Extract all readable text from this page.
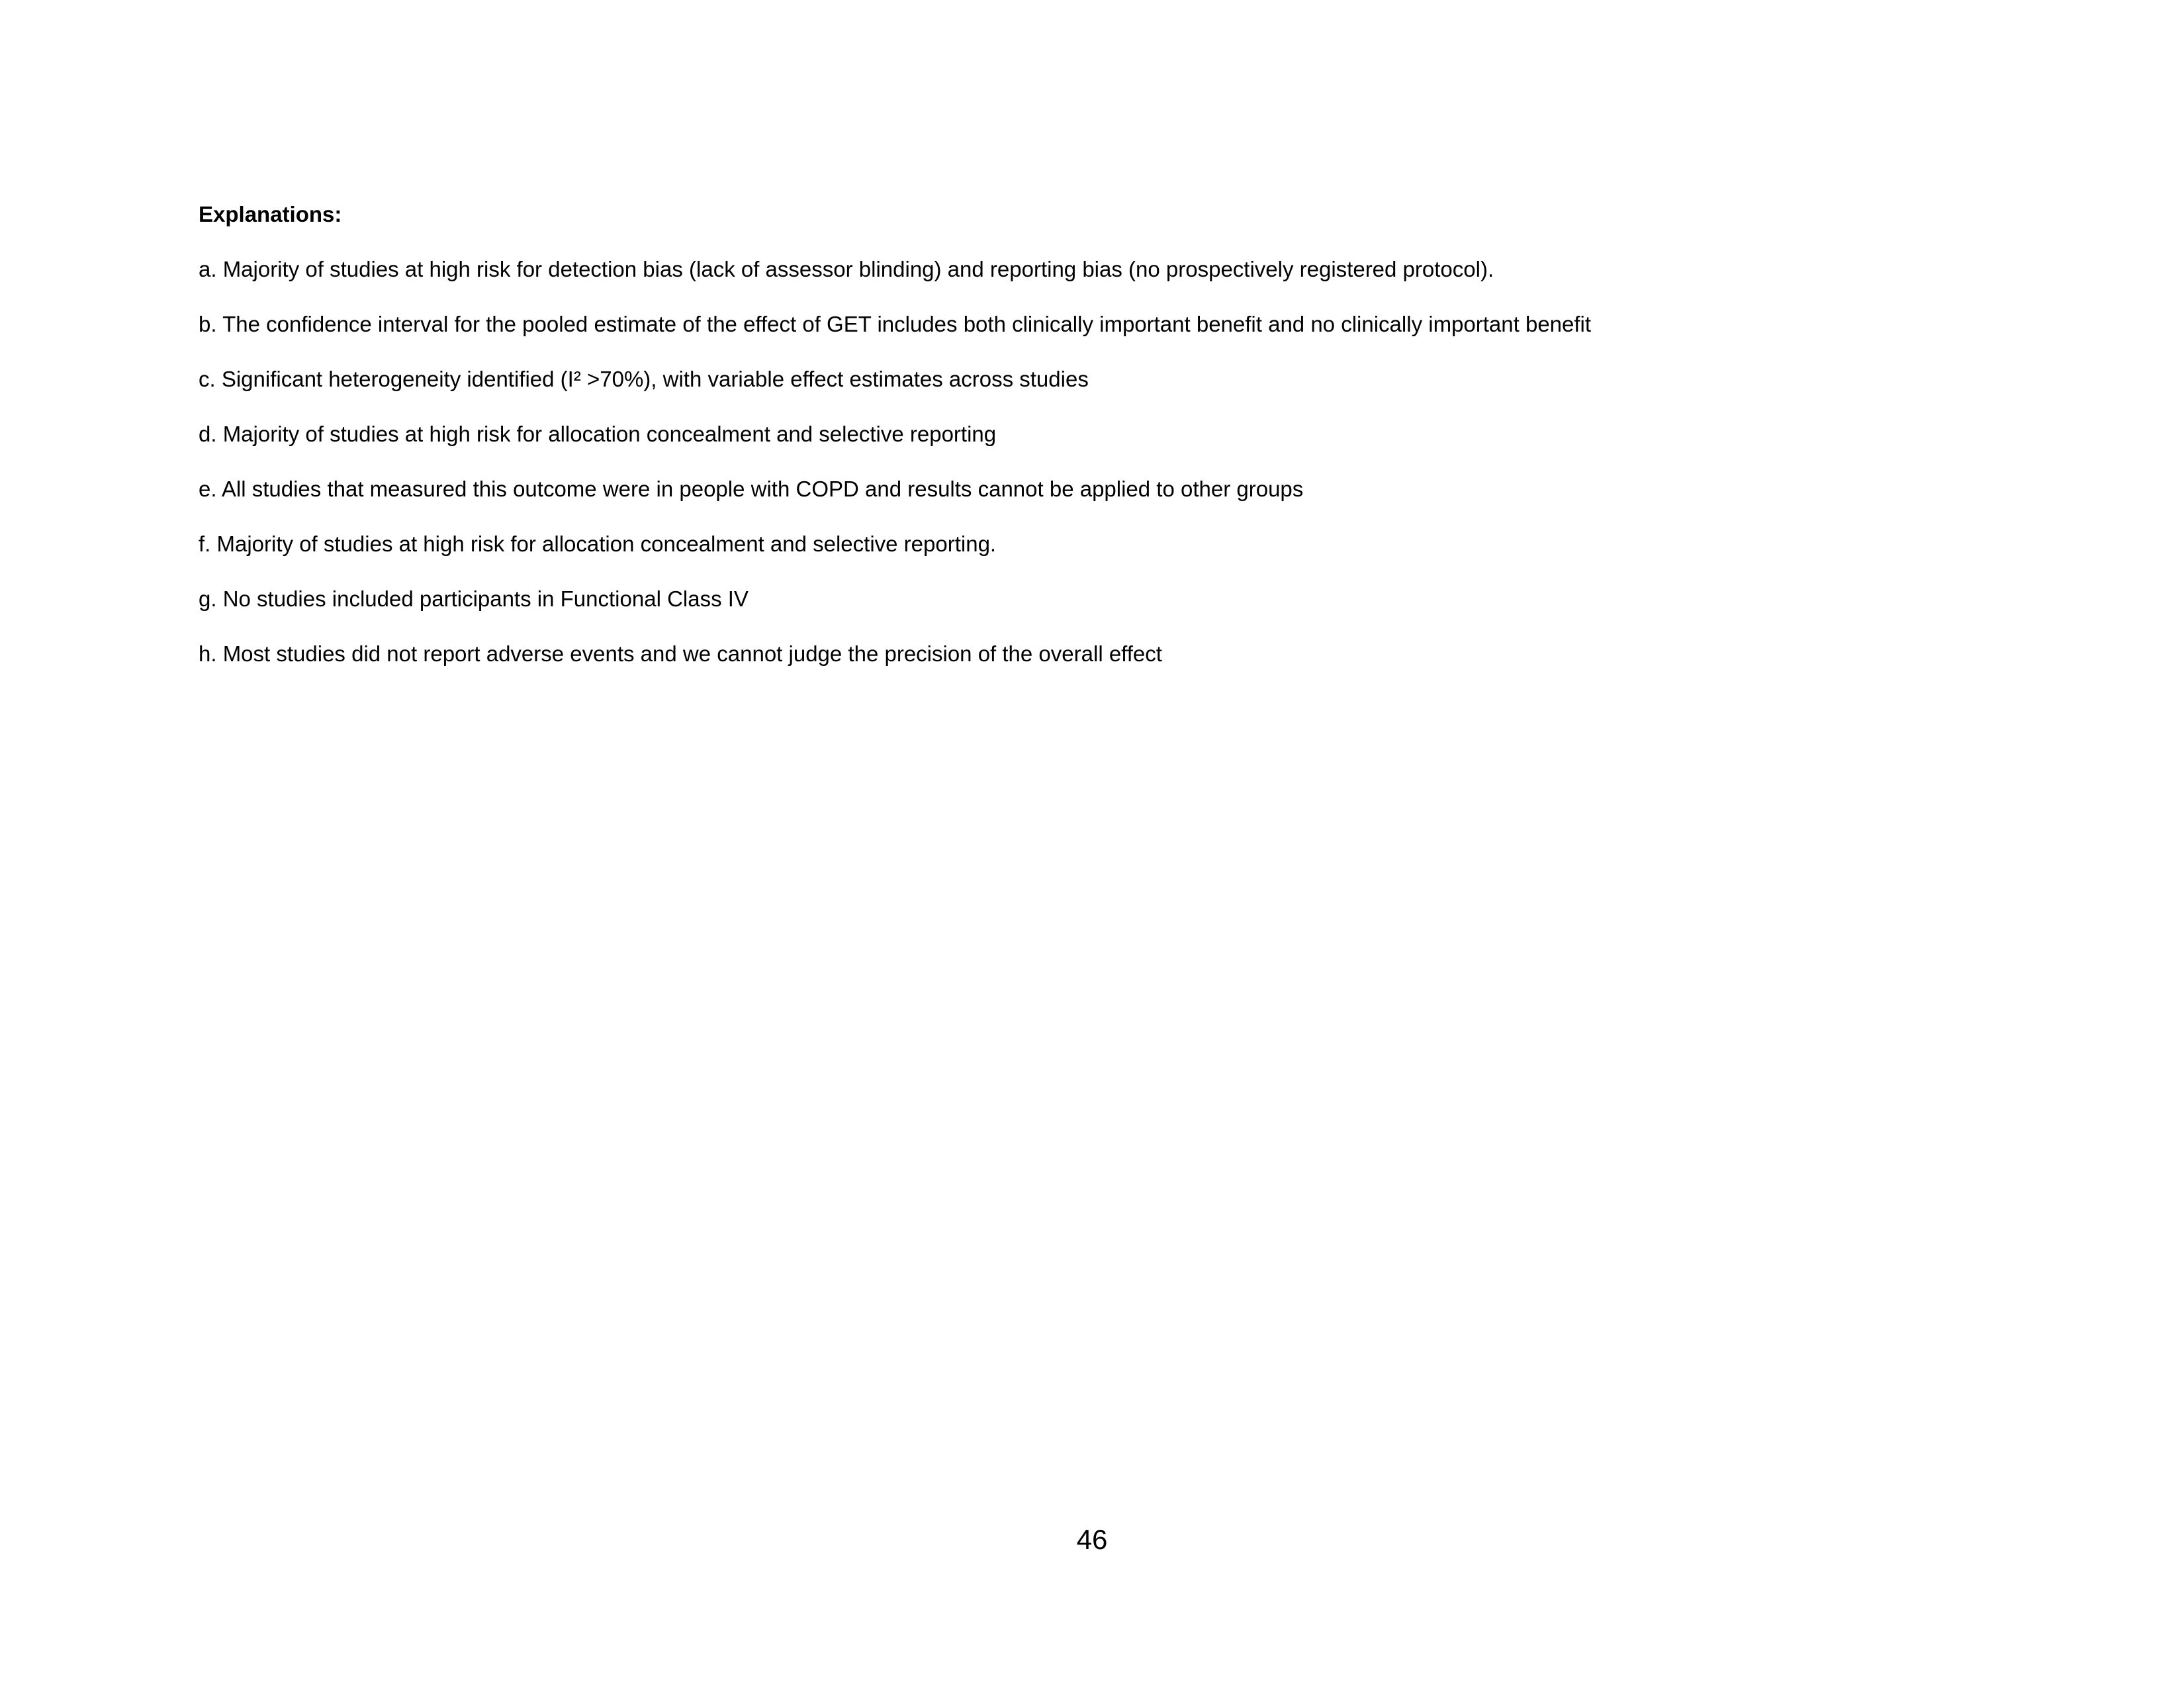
Explanations:
a. Majority of studies at high risk for detection bias (lack of assessor blinding) and reporting bias (no prospectively registered protocol).
b. The confidence interval for the pooled estimate of the effect of GET includes both clinically important benefit and no clinically important benefit
c. Significant heterogeneity identified (I² >70%), with variable effect estimates across studies
d. Majority of studies at high risk for allocation concealment and selective reporting
e. All studies that measured this outcome were in people with COPD and results cannot be applied to other groups
f. Majority of studies at high risk for allocation concealment and selective reporting.
g. No studies included participants in Functional Class IV
h. Most studies did not report adverse events and we cannot judge the precision of the overall effect
46
